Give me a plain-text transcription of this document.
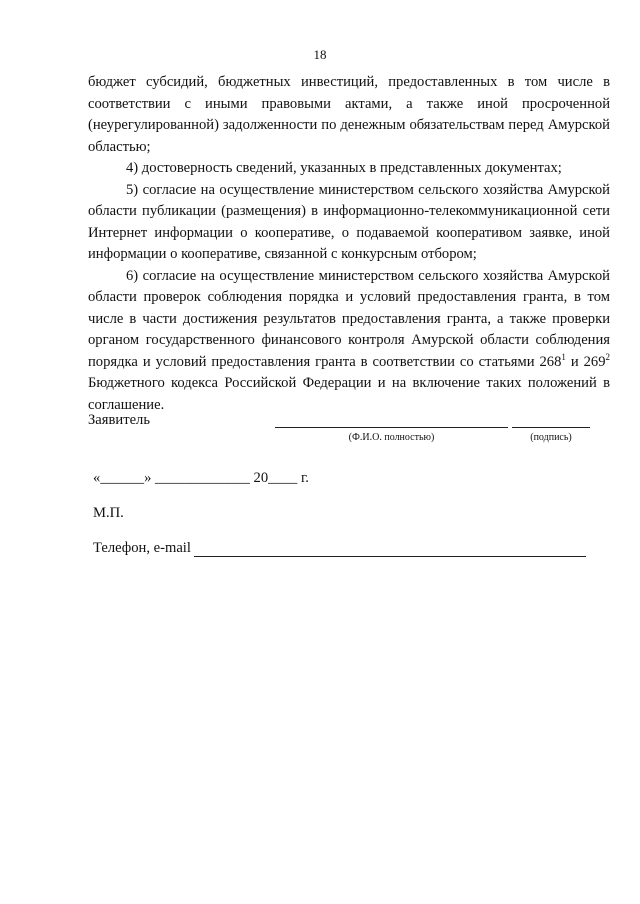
18

бюджет субсидий, бюджетных инвестиций, предоставленных в том числе в соответствии с иными правовыми актами, а также иной просроченной (неурегулированной) задолженности по денежным обязательствам перед Амурской областью;

4) достоверность сведений, указанных в представленных документах;

5) согласие на осуществление министерством сельского хозяйства Амурской области публикации (размещения) в информационно-телекоммуникационной сети Интернет информации о кооперативе, о подаваемой кооперативом заявке, иной информации о кооперативе, связанной с конкурсным отбором;

6) согласие на осуществление министерством сельского хозяйства Амурской области проверок соблюдения порядка и условий предоставления гранта, в том числе в части достижения результатов предоставления гранта, а также проверки органом государственного финансового контроля Амурской области соблюдения порядка и условий предоставления гранта в соответствии со статьями $268^1$ и $269^2$ Бюджетного кодекса Российской Федерации и на включение таких положений в соглашение.

Заявитель
(Ф.И.О. полностью)	(подпись)
«______» _____________ 20____ г.
М.П.
Телефон, e-mail
